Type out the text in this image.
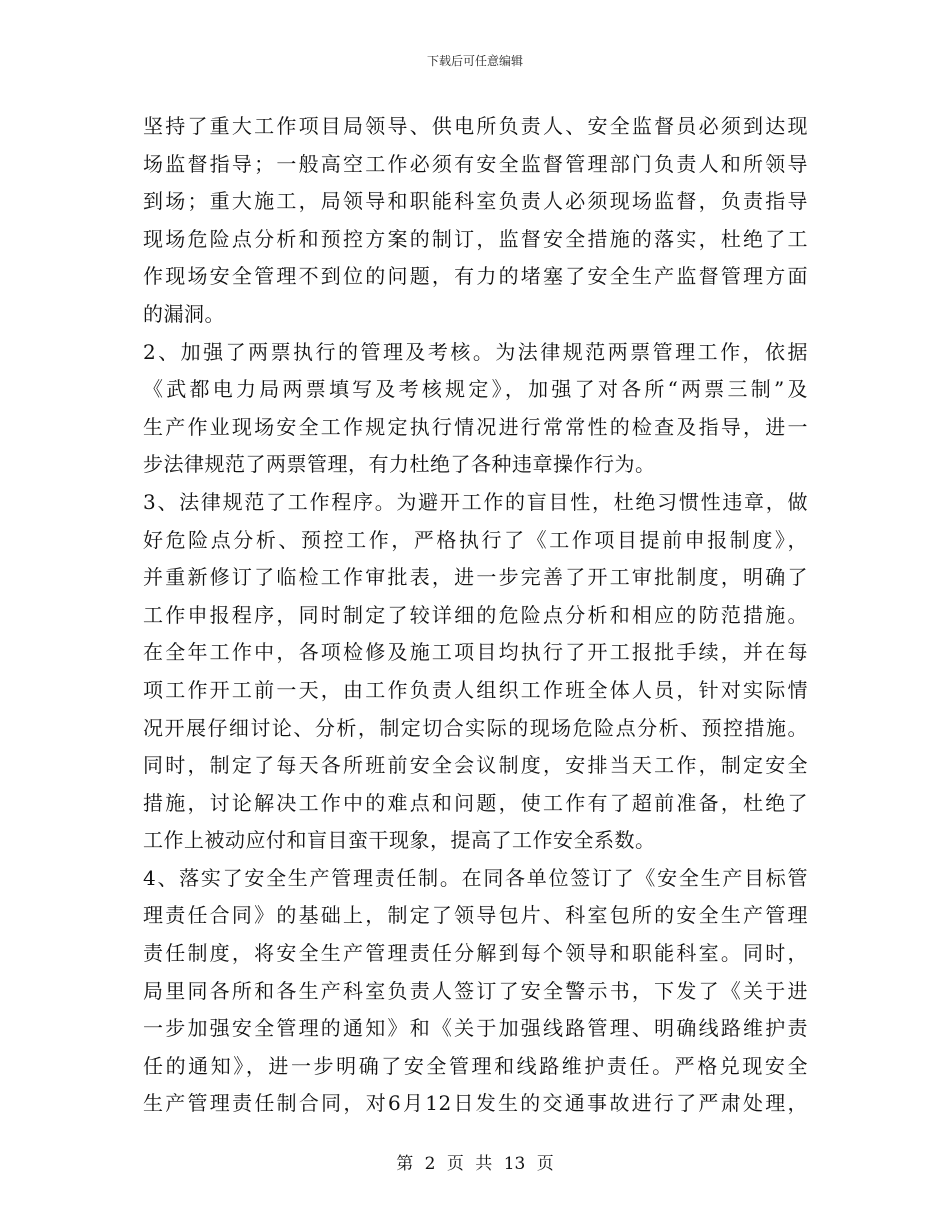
下载后可任意编辑
坚持了重大工作项目局领导、供电所负责人、安全监督员必须到达现
场监督指导；一般高空工作必须有安全监督管理部门负责人和所领导
到场；重大施工，局领导和职能科室负责人必须现场监督，负责指导
现场危险点分析和预控方案的制订，监督安全措施的落实，杜绝了工
作现场安全管理不到位的问题，有力的堵塞了安全生产监督管理方面
的漏洞。
2、加强了两票执行的管理及考核。为法律规范两票管理工作，依据
《武都电力局两票填写及考核规定》，加强了对各所“两票三制”及
生产作业现场安全工作规定执行情况进行常常性的检查及指导，进一
步法律规范了两票管理，有力杜绝了各种违章操作行为。
3、法律规范了工作程序。为避开工作的盲目性，杜绝习惯性违章，做
好危险点分析、预控工作，严格执行了《工作项目提前申报制度》，
并重新修订了临检工作审批表，进一步完善了开工审批制度，明确了
工作申报程序，同时制定了较详细的危险点分析和相应的防范措施。
在全年工作中，各项检修及施工项目均执行了开工报批手续，并在每
项工作开工前一天，由工作负责人组织工作班全体人员，针对实际情
况开展仔细讨论、分析，制定切合实际的现场危险点分析、预控措施。
同时，制定了每天各所班前安全会议制度，安排当天工作，制定安全
措施，讨论解决工作中的难点和问题，使工作有了超前准备，杜绝了
工作上被动应付和盲目蛮干现象，提高了工作安全系数。
4、落实了安全生产管理责任制。在同各单位签订了《安全生产目标管
理责任合同》的基础上，制定了领导包片、科室包所的安全生产管理
责任制度，将安全生产管理责任分解到每个领导和职能科室。同时，
局里同各所和各生产科室负责人签订了安全警示书，下发了《关于进
一步加强安全管理的通知》和《关于加强线路管理、明确线路维护责
任的通知》，进一步明确了安全管理和线路维护责任。严格兑现安全
生产管理责任制合同，对6月12日发生的交通事故进行了严肃处理，
第 2 页 共 13 页
